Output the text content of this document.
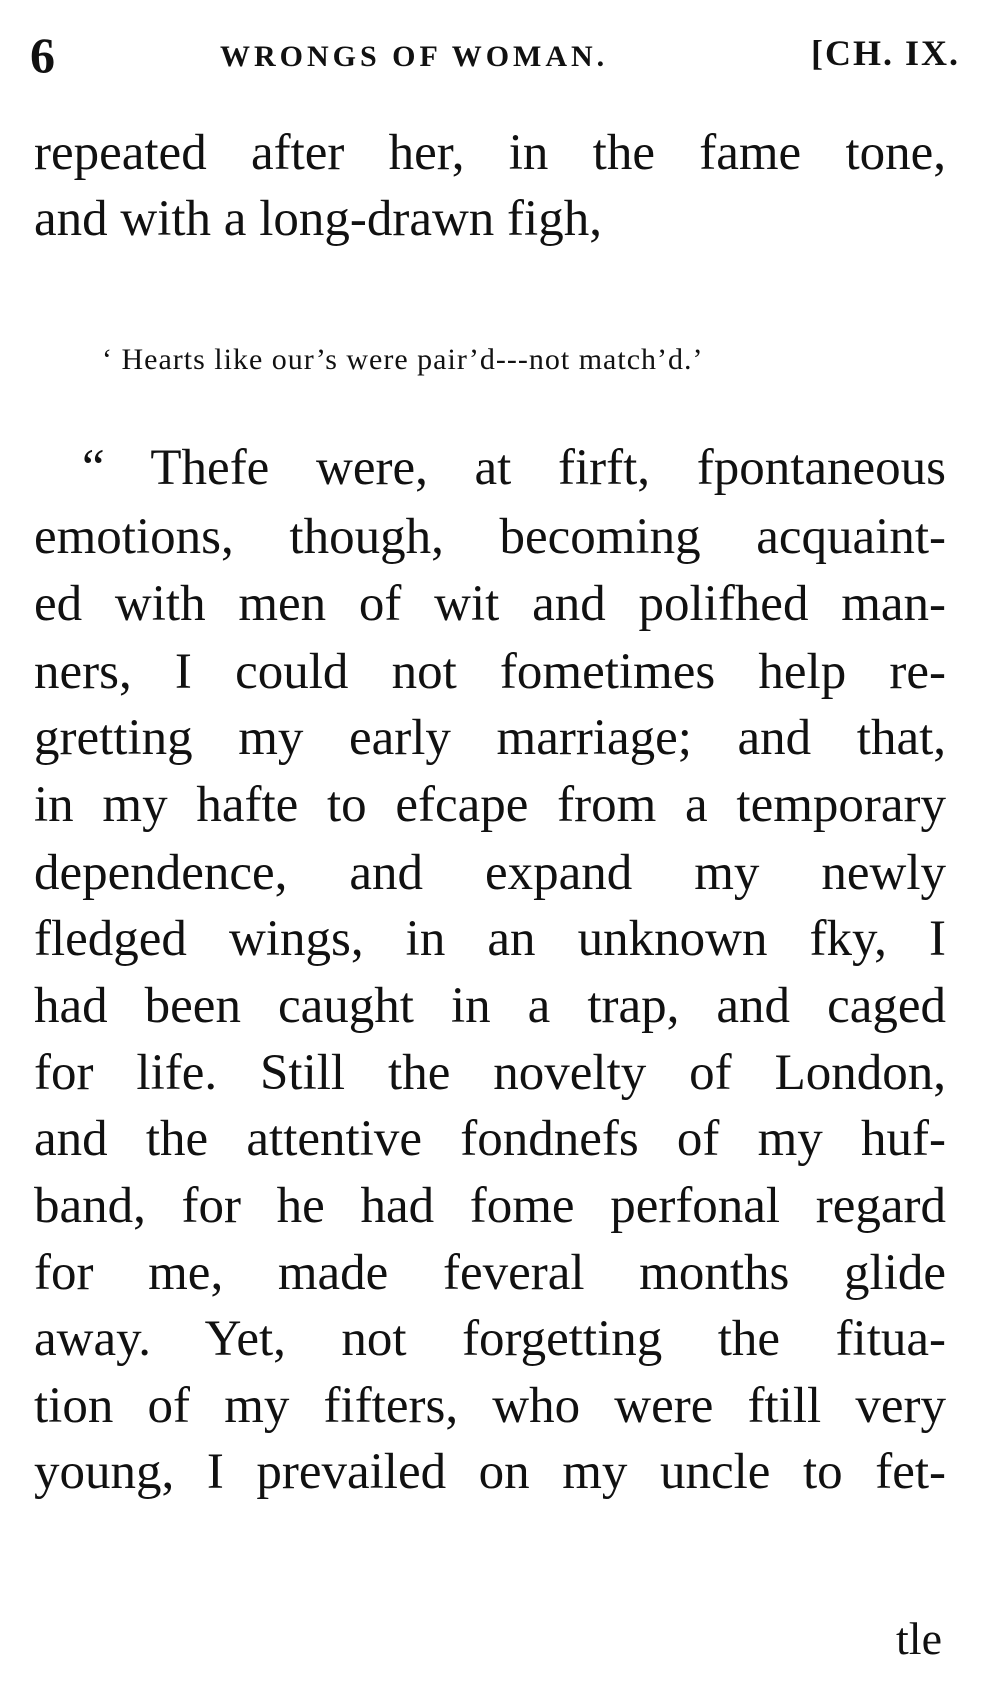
6	WRONGS OF WOMAN.	[CH. IX.
repeated after her, in the fame tone,
and with a long-drawn figh,
‘ Hearts like our’s were pair’d---not match’d.’
“ Thefe were, at firft, fpontaneous
emotions, though, becoming acquaint-
ed with men of wit and polifhed man-
ners, I could not fometimes help re-
gretting my early marriage; and that,
in my hafte to efcape from a temporary
dependence, and expand my newly
fledged wings, in an unknown fky, I
had been caught in a trap, and caged
for life. Still the novelty of London,
and the attentive fondnefs of my huf-
band, for he had fome perfonal regard
for me, made feveral months glide
away. Yet, not forgetting the fitua-
tion of my fifters, who were ftill very
young, I prevailed on my uncle to fet-
tle
